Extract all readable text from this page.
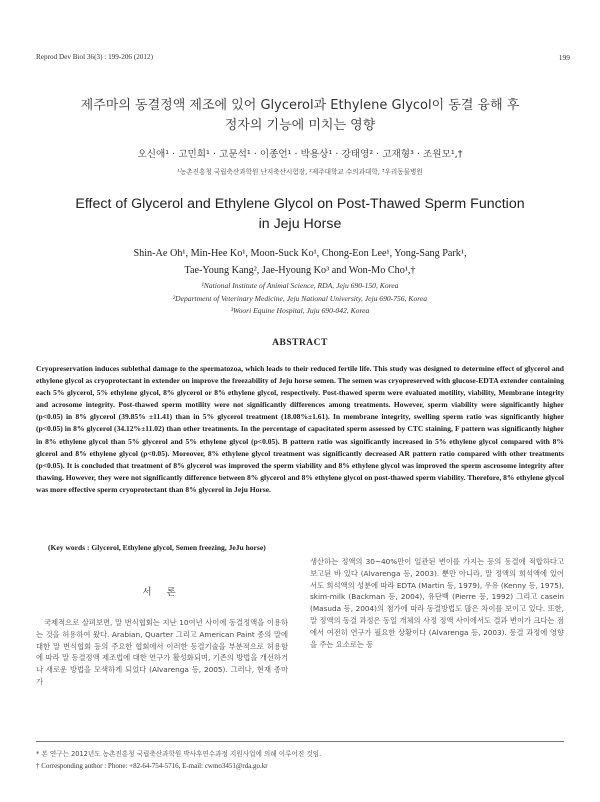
Reprod Dev Biol 36(3) : 199-206 (2012)	199
제주마의 동결정액 제조에 있어 Glycerol과 Ethylene Glycol이 동결 융해 후
정자의 기능에 미치는 영향
오신애¹ · 고민희¹ · 고문석¹ · 이종언¹ · 박용상¹ · 강태영² · 고재형³ · 조원모¹,†
¹농촌진흥청 국립축산과학원 난지축산시험장, ²제주대학교 수의과대학, ³우리동물병원
Effect of Glycerol and Ethylene Glycol on Post-Thawed Sperm Function
in Jeju Horse
Shin-Ae Oh¹, Min-Hee Ko¹, Moon-Suck Ko¹, Chong-Eon Lee¹, Yong-Sang Park¹,
Tae-Young Kang², Jae-Hyoung Ko³ and Won-Mo Cho¹,†
¹National Institute of Animal Science, RDA, Jeju 690-150, Korea
²Department of Veterinary Medicine, Jeju National University, Jeju 690-756, Korea
³Woori Equine Hospital, Juju 690-042, Korea
ABSTRACT
Cryopreservation induces sublethal damage to the spermatozoa, which leads to their reduced fertile life. This study was designed to determine effect of glycerol and ethylene glycol as cryoprotectant in extender on improve the freezability of Jeju horse semen. The semen was cryopreserved with glucose-EDTA extender containing each 5% glycerol, 5% ethylene glycol, 8% glycerol or 8% ethylene glycol, respectively. Post-thawed sperm were evaluated motility, viability, Membrane integrity and acrosome integrity. Post-thawed sperm motility were not significantly differences among treatments. However, sperm viability were significantly higher (p<0.05) in 8% glycerol (39.85% ±11.41) than in 5% glycerol treatment (18.08%±1.61). In membrane integrity, swelling sperm ratio was significantly higher (p<0.05) in 8% glycerol (34.12%±11.02) than other treatments. In the percentage of capacitated sperm assessed by CTC staining, F pattern was significantly higher in 8% ethylene glycol than 5% glycerol and 5% ethylene glycol (p<0.05). B pattern ratio was significantly increased in 5% ethylene glycol compared with 8% glcerol and 8% ethylene glycol (p<0.05). Moreover, 8% ethylene glycol treatment was significantly decreased AR pattern ratio compared with other treatments (p<0.05). It is concluded that treatment of 8% glycerol was improved the sperm viability and 8% ethylene glycol was improved the sperm ascrosome integrity after thawing. However, they were not significantly difference between 8% glycerol and 8% ethylene glycol on post-thawed sperm viability. Therefore, 8% ethylene glycol was more effective sperm cryoprotectant than 8% glycerol in Jeju Horse.
(Key words : Glycerol, Ethylene glycol, Semen freezing, JeJu horse)
서 론
국제적으로 살펴보면, 말 번식협회는 지난 10여년 사이에 동결정액을 이용하는 것을 허용하여 왔다. Arabian, Quarter 그리고 American Paint 종의 말에 대한 말 번식협회 등의 주요한 협회에서 이러한 동결기술을 부분적으로 허용함에 따라 말 동결정액 제조법에 대한 연구가 활성화되며, 기존의 방법을 개선하거나 새로운 방법을 모색하게 되었다 (Alvarenga 등, 2005). 그러나, 현재 종마가
생산하는 정액의 30~40%만이 일관된 변이를 가지는 등의 동결에 적합하다고 보고된 바 있다 (Alvarenga 등, 2003). 뿐만 아니라, 말 정액의 희석액에 있어서도 희석액의 성분에 따라 EDTA (Martin 등, 1979), 우유 (Kenny 등, 1975), skim-milk (Backman 등, 2004), 유단백 (Pierre 등, 1992) 그리고 casein (Masuda 등, 2004)의 첨가에 따라 동결방법도 많은 차이를 보이고 있다. 또한, 말 정액의 동결 과정은 동일 개체의 사정 정액 사이에서도 결과 변이가 크다는 점에서 여전히 연구가 필요한 상황이다 (Alvarenga 등, 2003). 동결 과정에 영향을 주는 요소로는 동
* 본 연구는 2012년도 농촌진흥청 국립축산과학원 박사후연수과정 지원사업에 의해 이루어진 것임.
† Corresponding author : Phone: +82-64-754-5716, E-mail: cwmo3451@rda.go.kr
